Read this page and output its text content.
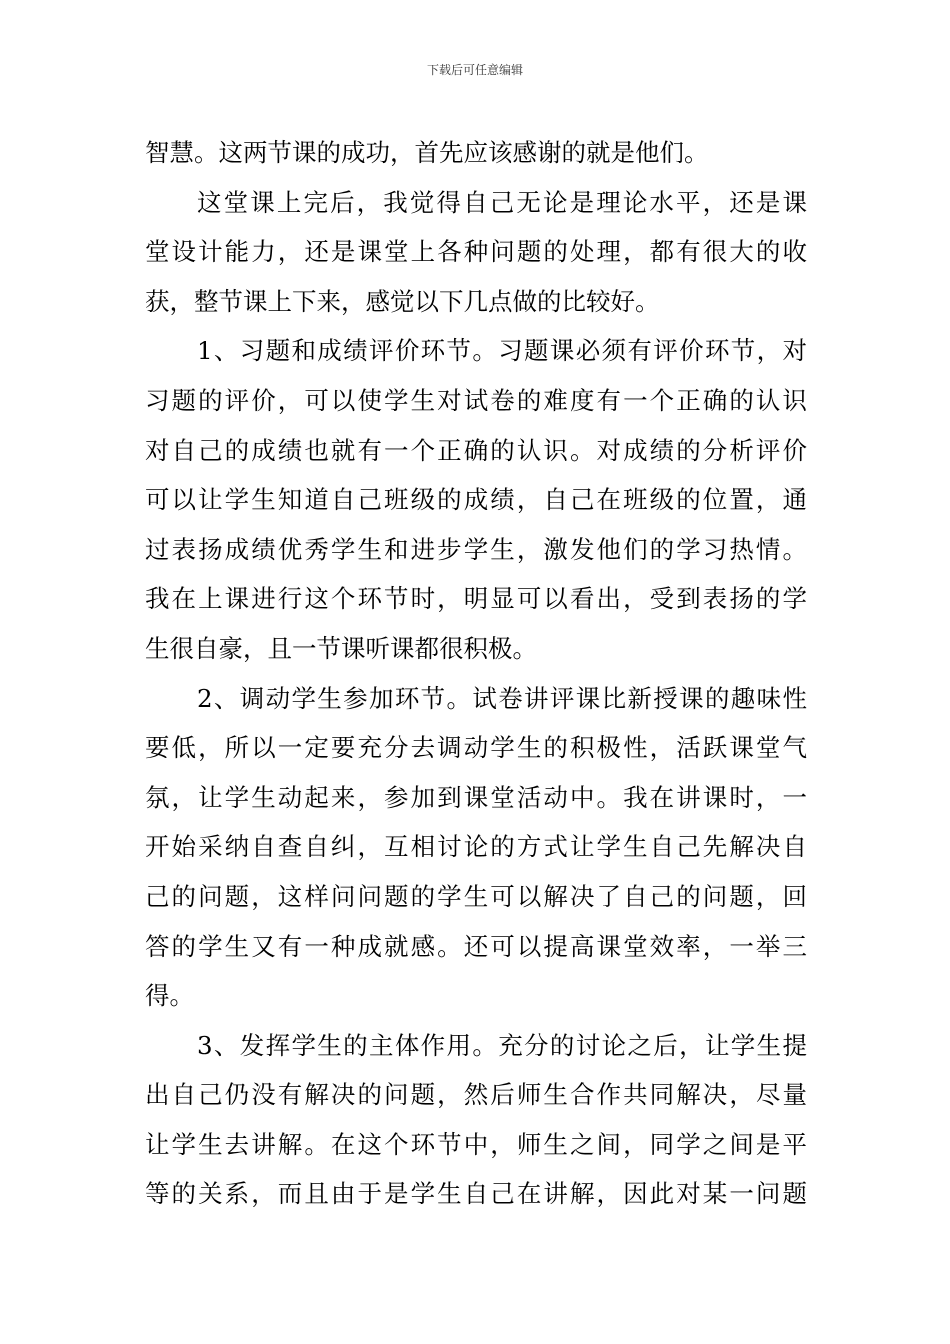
下载后可任意编辑
智慧。这两节课的成功，首先应该感谢的就是他们。
这堂课上完后，我觉得自己无论是理论水平，还是课
堂设计能力，还是课堂上各种问题的处理，都有很大的收
获，整节课上下来，感觉以下几点做的比较好。
1、习题和成绩评价环节。习题课必须有评价环节，对
习题的评价，可以使学生对试卷的难度有一个正确的认识
对自己的成绩也就有一个正确的认识。对成绩的分析评价
可以让学生知道自己班级的成绩，自己在班级的位置，通
过表扬成绩优秀学生和进步学生，激发他们的学习热情。
我在上课进行这个环节时，明显可以看出，受到表扬的学
生很自豪，且一节课听课都很积极。
2、调动学生参加环节。试卷讲评课比新授课的趣味性
要低，所以一定要充分去调动学生的积极性，活跃课堂气
氛，让学生动起来，参加到课堂活动中。我在讲课时，一
开始采纳自查自纠，互相讨论的方式让学生自己先解决自
己的问题，这样问问题的学生可以解决了自己的问题，回
答的学生又有一种成就感。还可以提高课堂效率，一举三
得。
3、发挥学生的主体作用。充分的讨论之后，让学生提
出自己仍没有解决的问题，然后师生合作共同解决，尽量
让学生去讲解。在这个环节中，师生之间，同学之间是平
等的关系，而且由于是学生自己在讲解，因此对某一问题
